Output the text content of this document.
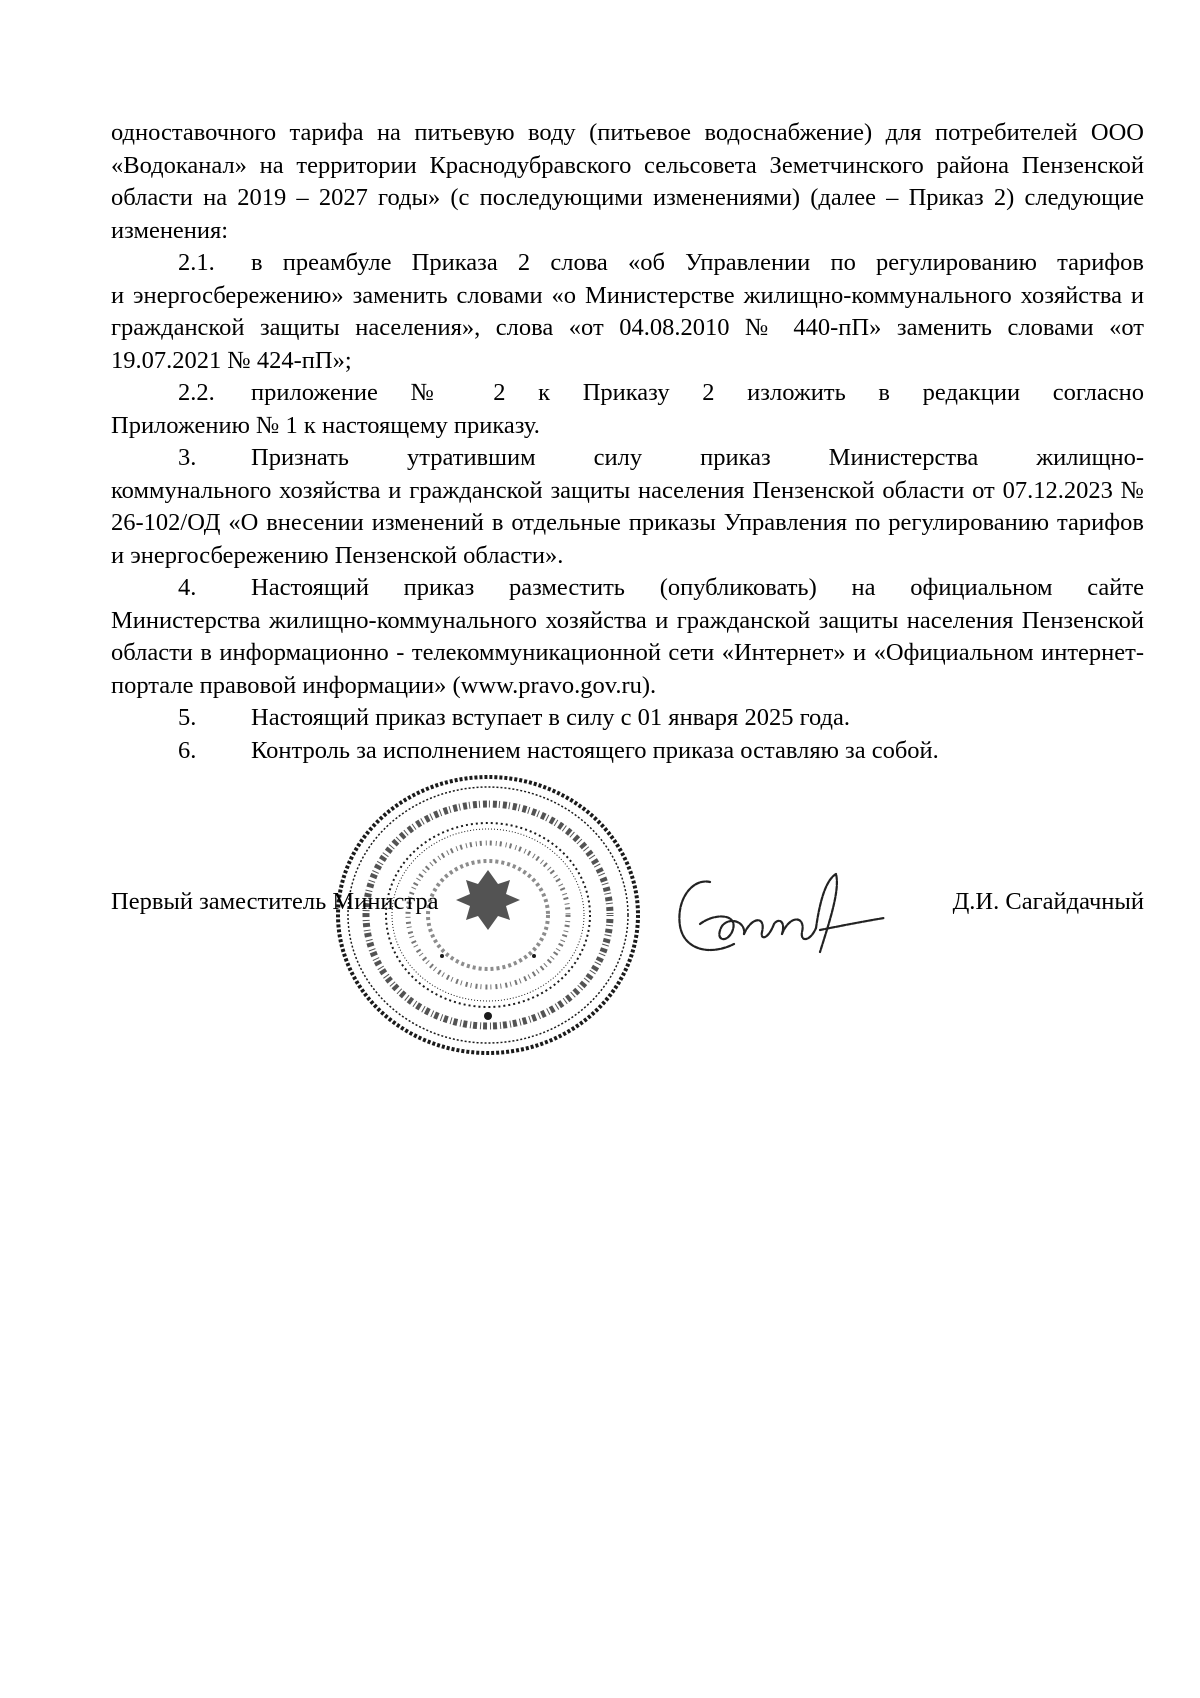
одноставочного тарифа на питьевую воду (питьевое водоснабжение) для потребителей ООО «Водоканал» на территории Краснодубравского сельсовета Земетчинского района Пензенской области на 2019 – 2027 годы» (с последующими изменениями) (далее – Приказ 2) следующие изменения:

2.1.	в преамбуле Приказа 2 слова «об Управлении по регулированию тарифов
и энергосбережению» заменить словами «о Министерстве жилищно-коммунального хозяйства и гражданской защиты населения», слова «от 04.08.2010 № 440-пП» заменить словами «от 19.07.2021 № 424-пП»;
2.2.	приложение № 2 к Приказу 2 изложить в редакции согласно
Приложению № 1 к настоящему приказу.
3.	Признать утратившим силу приказ Министерства жилищно-
коммунального хозяйства и гражданской защиты населения Пензенской области от 07.12.2023 № 26-102/ОД «О внесении изменений в отдельные приказы Управления по регулированию тарифов и энергосбережению Пензенской области».
4.	Настоящий приказ разместить (опубликовать) на официальном сайте
Министерства жилищно-коммунального хозяйства и гражданской защиты населения Пензенской области в информационно - телекоммуникационной сети «Интернет» и «Официальном интернет-портале правовой информации» (www.pravo.gov.ru).
5.	Настоящий приказ вступает в силу с 01 января 2025 года.
6.	Контроль за исполнением настоящего приказа оставляю за собой.
Первый заместитель Министра	Д.И. Сагайдачный
